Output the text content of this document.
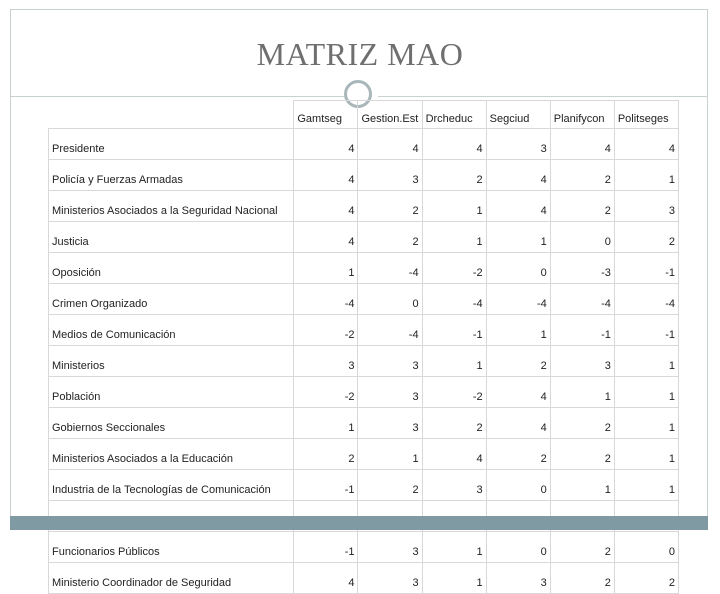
MATRIZ MAO
	Gamtseg	Gestion.Est	Drcheduc	Segciud	Planifycon	Politseges
Presidente	4	4	4	3	4	4
Policía y Fuerzas Armadas	4	3	2	4	2	1
Ministerios Asociados a la Seguridad Nacional	4	2	1	4	2	3
Justicia	4	2	1	1	0	2
Oposición	1	-4	-2	0	-3	-1
Crimen Organizado	-4	0	-4	-4	-4	-4
Medios de Comunicación	-2	-4	-1	1	-1	-1
Ministerios	3	3	1	2	3	1
Población	-2	3	-2	4	1	1
Gobiernos Seccionales	1	3	2	4	2	1
Ministerios Asociados a la Educación	2	1	4	2	2	1
Industria de la Tecnologías de Comunicación	-1	2	3	0	1	1

Funcionarios Públicos	-1	3	1	0	2	0
Ministerio Coordinador de Seguridad	4	3	1	3	2	2
